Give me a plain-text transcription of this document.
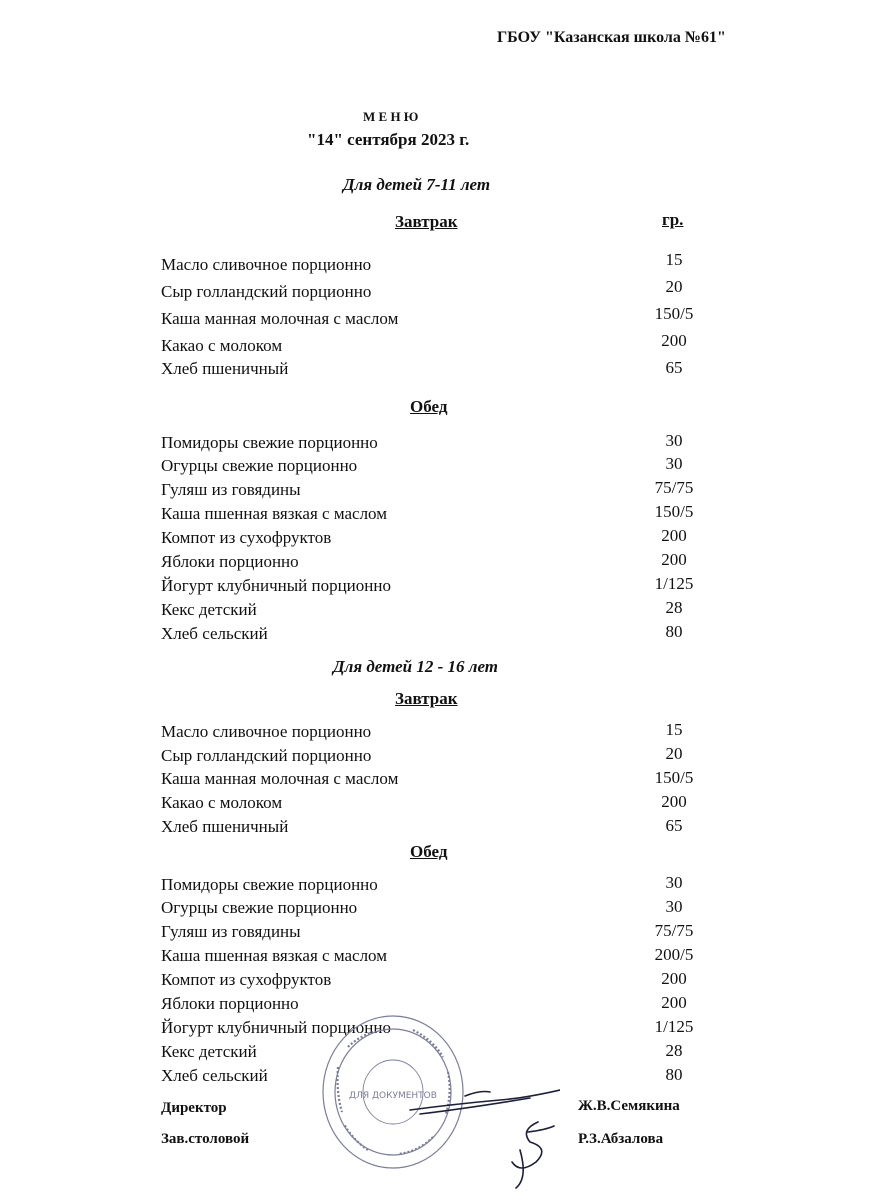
ГБОУ "Казанская школа №61"
М Е Н Ю
"14" сентября 2023 г.
Для детей 7-11 лет
Завтрак	гр.
Масло сливочное порционно	15
Сыр голландский порционно	20
Каша манная молочная с маслом	150/5
Какао с молоком	200
Хлеб пшеничный	65
Обед
Помидоры свежие порционно	30
Огурцы свежие порционно	30
Гуляш из говядины	75/75
Каша пшенная вязкая с маслом	150/5
Компот из сухофруктов	200
Яблоки порционно	200
Йогурт клубничный порционно	1/125
Кекс детский	28
Хлеб сельский	80
Для детей 12 - 16 лет
Завтрак
Масло сливочное порционно	15
Сыр голландский порционно	20
Каша манная молочная с маслом	150/5
Какао с молоком	200
Хлеб пшеничный	65
Обед
Помидоры свежие порционно	30
Огурцы свежие порционно	30
Гуляш из говядины	75/75
Каша пшенная вязкая с маслом	200/5
Компот из сухофруктов	200
Яблоки порционно	200
Йогурт клубничный порционно	1/125
Кекс детский	28
Хлеб сельский	80
ДЛЯ ДОКУМЕНТОВ
Директор	Ж.В.Семякина
Зав.столовой	Р.З.Абзалова
